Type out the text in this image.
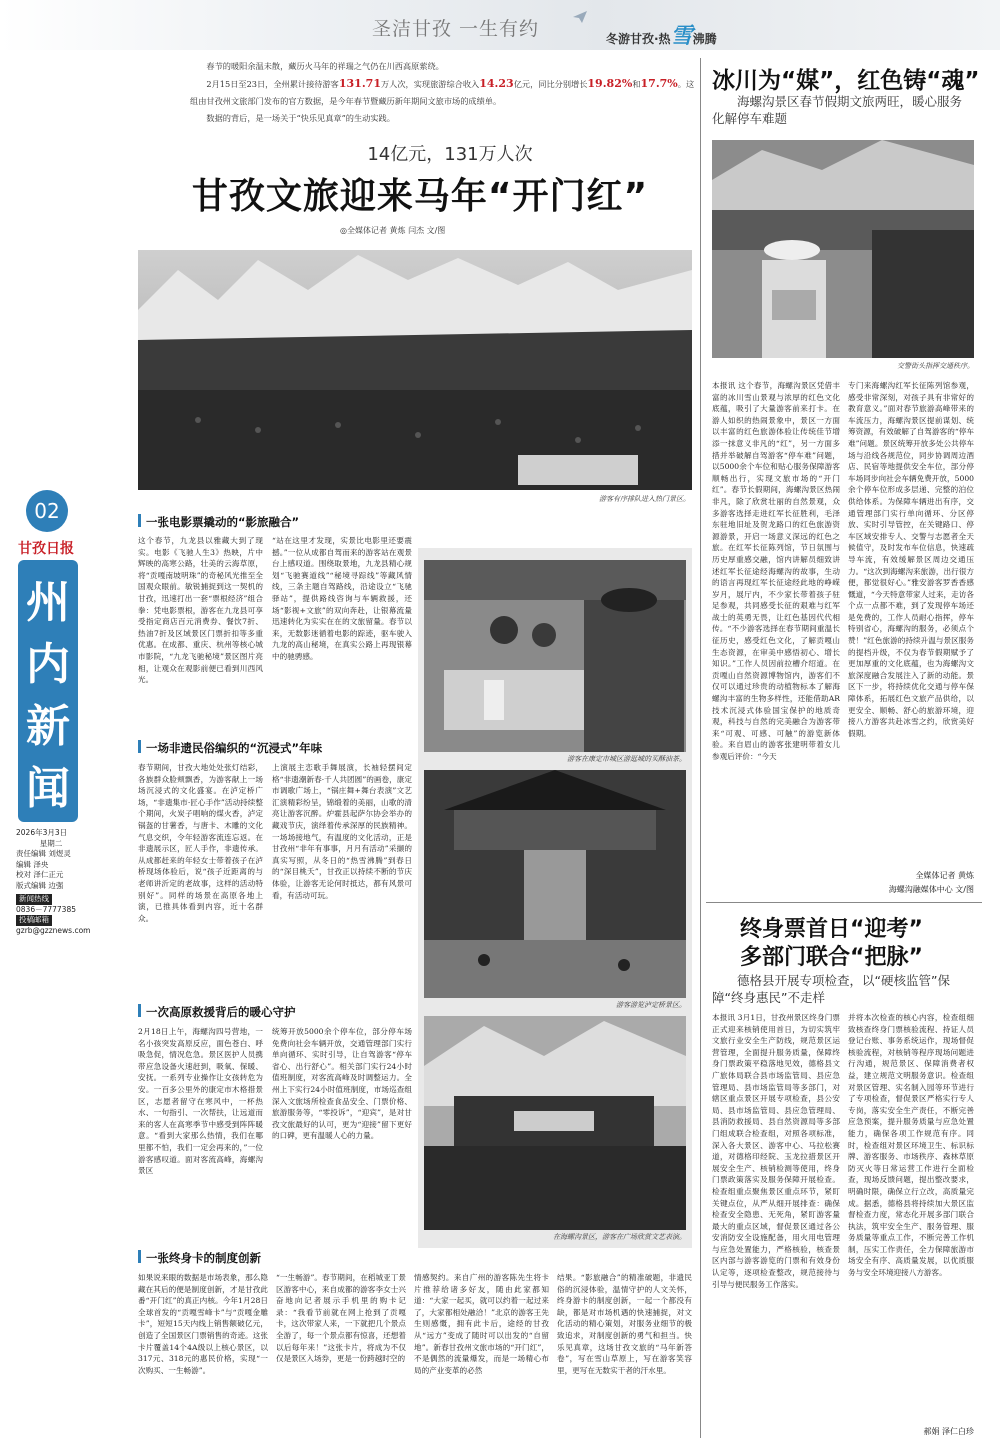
圣洁甘孜 一生有约	冬游甘孜·热雪沸腾
02
甘孜日报
州
内
新
闻
2026年3月3日
星期二
责任编辑 刘煜灵
编辑 泽央
校对 泽仁正元
版式编辑 边强
新闻热线
0836－7777385
投稿邮箱
gzrb@gzznews.com
春节的暖阳余温未散，藏历火马年的祥瑞之气仍在川西高原萦绕。
2月15日至23日，全州累计接待游客131.71万人次，实现旅游综合收入14.23亿元，同比分别增长19.82%和17.7%。这组由甘孜州文旅部门发布的官方数据，是今年春节暨藏历新年期间文旅市场的成绩单。
数据的背后，是一场关于“快乐见真章”的生动实践。
14亿元，131万人次
甘孜文旅迎来马年“开门红”
◎全媒体记者 黄炼 闫杰 文/图
游客有序排队进入热门景区。
一张电影票撬动的“影旅融合”
这个春节，九龙县以雅藏大到了现实。电影《飞驰人生3》热映，片中辉映的高寒公路，壮美的云海草原，将“贡嘎南坡明珠”的奇秘风光推至全国观众眼前。敏锐捕捉到这一契机的甘孜，迅速打出一套“票根经济”组合拳：凭电影票根，游客在九龙县可享受指定商店百元消费券、餐饮7折、热油7折及区域景区门票折扣等多重优惠。在成都、重庆、杭州等核心城市影院，“九龙飞驰秘境”景区图片亮相，让观众在观影前便已看到川西风光。
“站在这里才发现，实景比电影里还要震撼。”一位从成都自驾而来的游客站在观景台上感叹道。围绕取景地，九龙县精心规划“飞驰赛道线”“秘境寻踪线”等藏风情线，三条主题自驾路线，沿途设立“飞驰驿站”，提供路线咨询与车辆救援，还场“影视+文旅”的双向奔赴，让银幕流量迅速转化为实实在在的文旅留量。春节以来，无数影迷循着电影的踪迹，驱车驶入九龙的高山秘境，在真实公路上再现银幕中的驰骋感。
一场非遗民俗编织的“沉浸式”年味
春节期间，甘孜大地处处张灯结彩，各族群众脸颊飘香，为游客献上一场场沉浸式的文化盛宴。在泸定桥广场，“非遗集市·匠心手作”活动持续整个期间，火炭子唱响的煤火香，泸定锅盔的甘薯香，与唐卡、木雕的文化气息交织，令年轻游客流连忘返。在非遗展示区，匠人手作，非遗传承。从成都赶来的年轻女士带着孩子在泸桥现场体验后，说“孩子近距离的与老师讲沂定的老故事，这样的活动特别好”。同样的场景在高原各地上演，已推具体看到内容，近十名群众。
上演展主恋歌手舞展演，长袖轻摆间定格“非遗潮新春·千人共团圆”的画卷，康定市调歌广场上，“锅庄舞+舞台表演”文艺汇演精彩纷呈，锦缎着的美丽，山歌的清亮让游客沉醉。炉霍县起萨尔协会举办的藏戏节庆，演绎着传承深厚的民族精神。一场场接地气，有温度的文化活动，正是甘孜州“非年有事事，月月有活动”采撷的真实写照，从冬日的“热雪沸腾”到春日的“深目桃夭”，甘孜正以持续不断的节庆体验，让游客无论何时抵达，都有风景可看，有活动可玩。
一次高原救援背后的暖心守护
2月18日上午，海螺沟四号营地，一名小孩突发高原反应，面色苍白、呼吸急促，情况危急。景区医护人员携带应急设备火速赶到，吸氧、保暖、安抚。一系列专业操作让女孩转危为安。一百多公里外的康定市木格措景区，志愿者留守在寒风中，一杯热水、一句指引、一次帮扶，让远道而来的客人在高寒季节中感受到阵阵暖意。“看到大家那么热情，我们在哪里都不怕，我们一定会再来的，”一位游客感叹道。面对客流高峰，海螺沟景区
统筹开放5000余个停车位，部分停车场免费向社会车辆开放，交通管理部门实行单向循环、实时引导，让自驾游客“停车省心、出行舒心”。相关部门实行24小时值班制度，对客流高峰及时调整运力。全州上下实行24小时值班制度，市场巡查组深入文旅场所检查食品安全、门票价格、旅游服务等，“零投诉”，“迎宾”，是对甘孜文旅最好的认可，更为“迎接”留下更好的口碑，更有温暖人心的力量。
游客在康定市城区游逛城的买酥油茶。
游客游览泸定桥景区。
在海螺沟景区，游客在广场欣赏文艺表演。
一张终身卡的制度创新
如果说来眼的数据是市场表象，那么隐藏在其后的便是制度创新，才是甘孜此番“开门红”的真正内核。今年1月28日全球首发的“贡嘎雪峰卡”与“贡嘎金雕卡”，短短15天内线上销售额破亿元，创造了全国景区门票销售的奇迹。这张卡片覆盖14个4A级以上核心景区，以317元、318元的惠民价格，实现“一次购买、一生畅游”。
“一生畅游”。春节期间，在稻城亚丁景区游客中心，来自成都的游客李女士兴奋地向记者展示手机里的购卡记录：“我看节前就在网上抢到了贡嘎卡，这次带家人来，一下就把几个景点全游了，每一个景点都有惊喜，还想着以后每年来！”这张卡片，将成为不仅仅是景区入场券，更是一份跨越时空的
情感契约。来自广州的游客陈先生将卡片推荐给诸多好友，随由此家都知道：“大家一起买，就可以约着一起过来了，大家都相处融洽！”北京的游客王先生则感慨，拥有此卡后，途经的甘孜从“远方”变成了随时可以出发的“自留地”。新春甘孜州文旅市场的“开门红”，不是偶然的流量爆发，而是一场精心布局的产业变革的必然
结果。“影旅融合”的精准破题，非遗民俗的沉浸体验，温情守护的人文关怀，终身游卡的制度创新，一起一个都没有缺，都是对市场机遇的快速捕捉，对文化活动的精心策划，对服务业细节的极致追求，对制度创新的勇气和担当。快乐见真章，这场甘孜文旅的“马年新答卷”，写在雪山草原上，写在游客笑容里，更写在无数实干者的汗水里。
冰川为“媒”，红色铸“魂”
海螺沟景区春节假期文旅两旺，暖心服务化解停车难题
交警街头指挥交通秩序。
本报讯 这个春节，海螺沟景区凭借丰富的冰川雪山景观与浓厚的红色文化底蕴，吸引了大量游客前来打卡。在游人如织的热闹景象中，景区一方面以丰富的红色旅游体验让传统佳节增添一抹意义非凡的“红”，另一方面多措并举破解自驾游客“停车难”问题，以5000余个车位和贴心服务保障游客顺畅出行，实现文旅市场的“开门红”。春节长假期间，海螺沟景区热闹非凡，除了欣赏壮丽的自然景观，众多游客选择走进红军长征胜利，毛泽东驻地旧址及贺龙路口的红色旅游资源游景，开启一场意义深远的红色之旅。在红军长征陈列馆，节日氛围与历史厚重感交融，馆内讲解员细致讲述红军长征途经海螺沟的故事，生动的语言再现红军长征途经此地的峥嵘岁月，展厅内，不少家长带着孩子驻足参观，共同感受长征的艰难与红军战士的英勇无畏，让红色基因代代相传。“不少游客选择在春节期间重温长征历史，感受红色文化，了解贡嘎山生态资源，在审美中感悟初心、增长知识。”工作人员因前拉槽介绍道。在贡嘎山自然资源博物馆内，游客们不仅可以通过珍贵的动植物标本了解海螺沟丰富的生物多样性，还能借助AR技术沉浸式体验国宝保护的地质奇观，科技与自然的完美融合为游客带来“可观、可感、可触”的游览新体验。来自眉山的游客张建明带着女儿参观后评价：“今天
专门来海螺沟红军长征陈列馆参观，感受非常深刻，对孩子具有非常好的教育意义。”面对春节旅游高峰带来的车流压力，海螺沟景区提前谋划、统筹资源，有效破解了自驾游客的“停车难”问题。景区统筹开放多处公共停车场与沿线各规范位，同步协调周边酒店、民宿等地提供安全车位，部分停车场同步向社会车辆免费开放，5000余个停车位形成多层递、完整的泊位供给体系。为保障车辆进出有序，交通管理部门实行单向循环、分区停放、实时引导管控，在关键路口、停车区域安排专人、交警与志愿者全天候值守，及时发布车位信息，快速疏导车流，有效缓解景区周边交通压力。“这次到海螺沟来旅游，出行很方便，都觉很好心。”雅安游客罗香香感慨道，“今天特意带家人过来，走访各个点一点都不难，到了发现停车场还是免费的，工作人员耐心指挥，停车特别省心，海螺沟的服务，必须点个赞！”红色旅游的持续升温与景区服务的提档升级，不仅为春节假期赋予了更加厚重的文化底蕴，也为海螺沟文旅深度融合发展注入了新的动能。景区下一步，将持续优化交通与停车保障体系，拓展红色文旅产品供给，以更安全、顺畅、舒心的旅游环境，迎接八方游客共赴冰雪之约，欣赏美好假期。
全媒体记者 黄炼
海螺沟融媒体中心 文/图
终身票首日“迎考”
多部门联合“把脉”
德格县开展专项检查，以“硬核监管”保障“终身惠民”不走样
本报讯 3月1日，甘孜州景区终身门票正式迎来核销使用首日，为切实筑牢文旅行业安全生产防线，规范景区运营管理，全面提升服务质量，保障终身门票政策平稳落地见效，德格县文广旅体局联合县市场监管局、县应急管理局、县市场监管局等多部门，对辖区重点景区开展专项检查，县公安局、县市场监管局、县应急管理局、县消防救援局、县自然资源局等多部门组成联合检查组，对照各项标准，深入各大景区、游客中心、马拉松赛道，对德格印经院、玉龙拉措景区开展安全生产、核销检测等使用，终身门票政策落实及服务保障开展检查。检查组重点聚焦景区重点环节，紧盯关键点位，从严从细开展排查：确保检查安全隐患、无死角，紧盯游客量最大的重点区域，督促景区通过各公安消防安全设施配备，用火用电管理与应急处置能力，严格核验，核查景区内部与游客游览的门票和有效身份认定等，逐项检查整改，规范接待与引导与便民服务工作落实。
并将本次检查的核心内容，检查组细致核查终身门票核验流程、持证人员登记台账、事务系统运作，现场督促核验流程，对核销等程序现场问题进行沟通，规范景区、保障消费者权益，建立规范文明服务意识。检查组对景区管理、实名制入园等环节进行了专项检查，督促景区严格实行专人专岗，落实安全生产责任，不断完善应急预案，提升服务质量与应急处置能力，确保各项工作规范有序。同时，检查组对景区环境卫生、标识标牌、游客服务、市场秩序、森林草原防灭火等日常运营工作进行全面检查，现场反馈问题，提出整改要求，明确时限，确保立行立改，高质量完成。据悉，德格县将持续加大景区监督检查力度，常态化开展多部门联合执法，筑牢安全生产、服务管理、服务质量等重点工作，不断完善工作机制，压实工作责任，全力保障旅游市场安全有序、高质量发展，以优质服务与安全环境迎接八方游客。
郝娟 泽仁白珍
